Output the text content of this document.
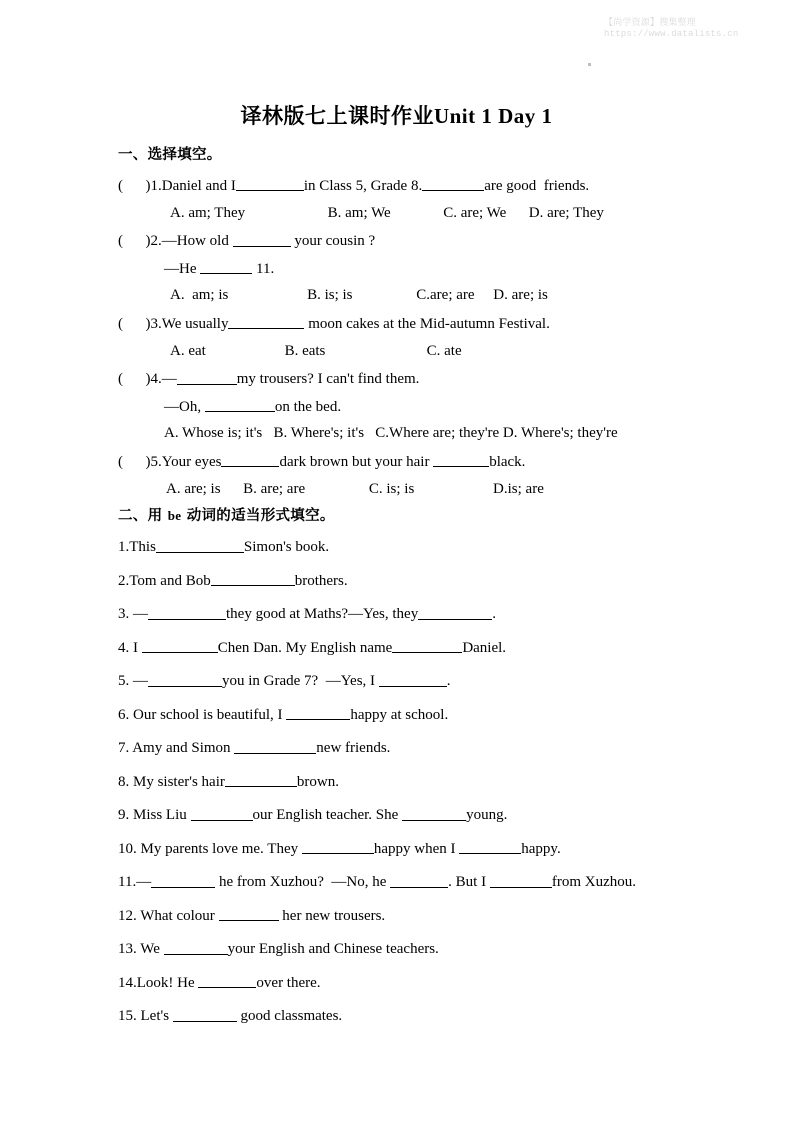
【尚学资源】搜集整理
https://www.datalists.cn
译林版七上课时作业Unit 1 Day 1
一、选择填空。
(      )1.Daniel and I	in Class 5, Grade 8.	are good  friends.
A. am; They                      B. am; We              C. are; We      D. are; They
(      )2.—How old	your cousin ?
—He	11.
A.  am; is                     B. is; is                 C.are; are     D. are; is
(      )3.We usually	moon cakes at the Mid-autumn Festival.
A. eat                     B. eats                           C. ate
(      )4.—	my trousers? I can't find them.
—Oh,	on the bed.
A. Whose is; it's   B. Where's; it's   C.Where are; they're D. Where's; they're
(      )5.Your eyes	dark brown but your hair	black.
A. are; is      B. are; are                 C. is; is                     D.is; are
二、用 be 动词的适当形式填空。
1.This	Simon's book.
2.Tom and Bob	brothers.
3. —	they good at Maths?—Yes, they	.
4. I	Chen Dan. My English name	Daniel.
5. —	you in Grade 7?  —Yes, I	.
6. Our school is beautiful, I	happy at school.
7. Amy and Simon	new friends.
8. My sister's hair	brown.
9. Miss Liu	our English teacher. She	young.
10. My parents love me. They	happy when I	happy.
11.—	he from Xuzhou?  —No, he	. But I	from Xuzhou.
12. What colour	her new trousers.
13. We	your English and Chinese teachers.
14.Look! He	over there.
15. Let's	good classmates.
